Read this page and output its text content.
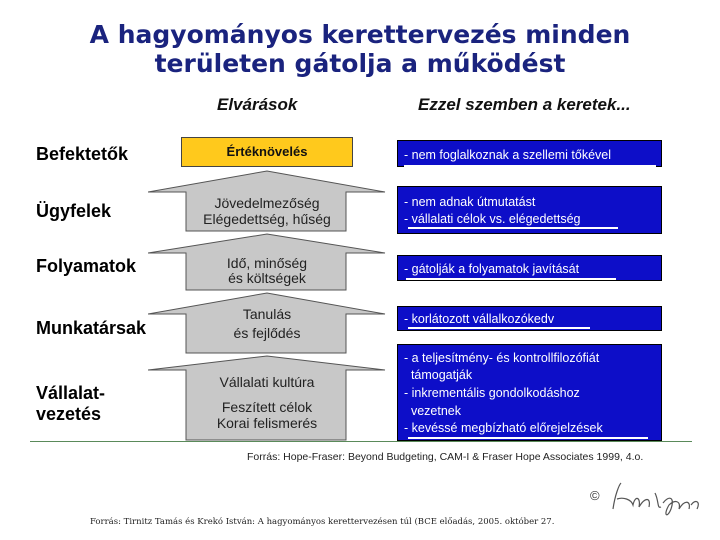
A hagyományos kerettervezés minden
területen gátolja a működést
Elvárások	Ezzel szemben a keretek...
Befektetők
Ügyfelek
Folyamatok
Munkatársak
Vállalat-
vezetés
Értéknövelés
Jövedelmezőség
Elégedettség, hűség
Idő, minőség
és költségek
Tanulás
és fejlődés
Vállalati kultúra
Feszített célok
Korai felismerés
- nem foglalkoznak a szellemi tőkével
- nem adnak útmutatást
- vállalati célok vs. elégedettség
- gátolják a folyamatok javítását
- korlátozott vállalkozókedv
- a teljesítmény- és kontrollfilozófiát
támogatják
- inkrementális gondolkodáshoz
vezetnek
- kevéssé megbízható előrejelzések
Forrás: Hope-Fraser: Beyond Budgeting, CAM-I & Fraser Hope Associates 1999, 4.o.
©
Forrás: Tirnitz Tamás és Krekó István: A hagyományos kerettervezésen túl (BCE előadás, 2005. október 27.
